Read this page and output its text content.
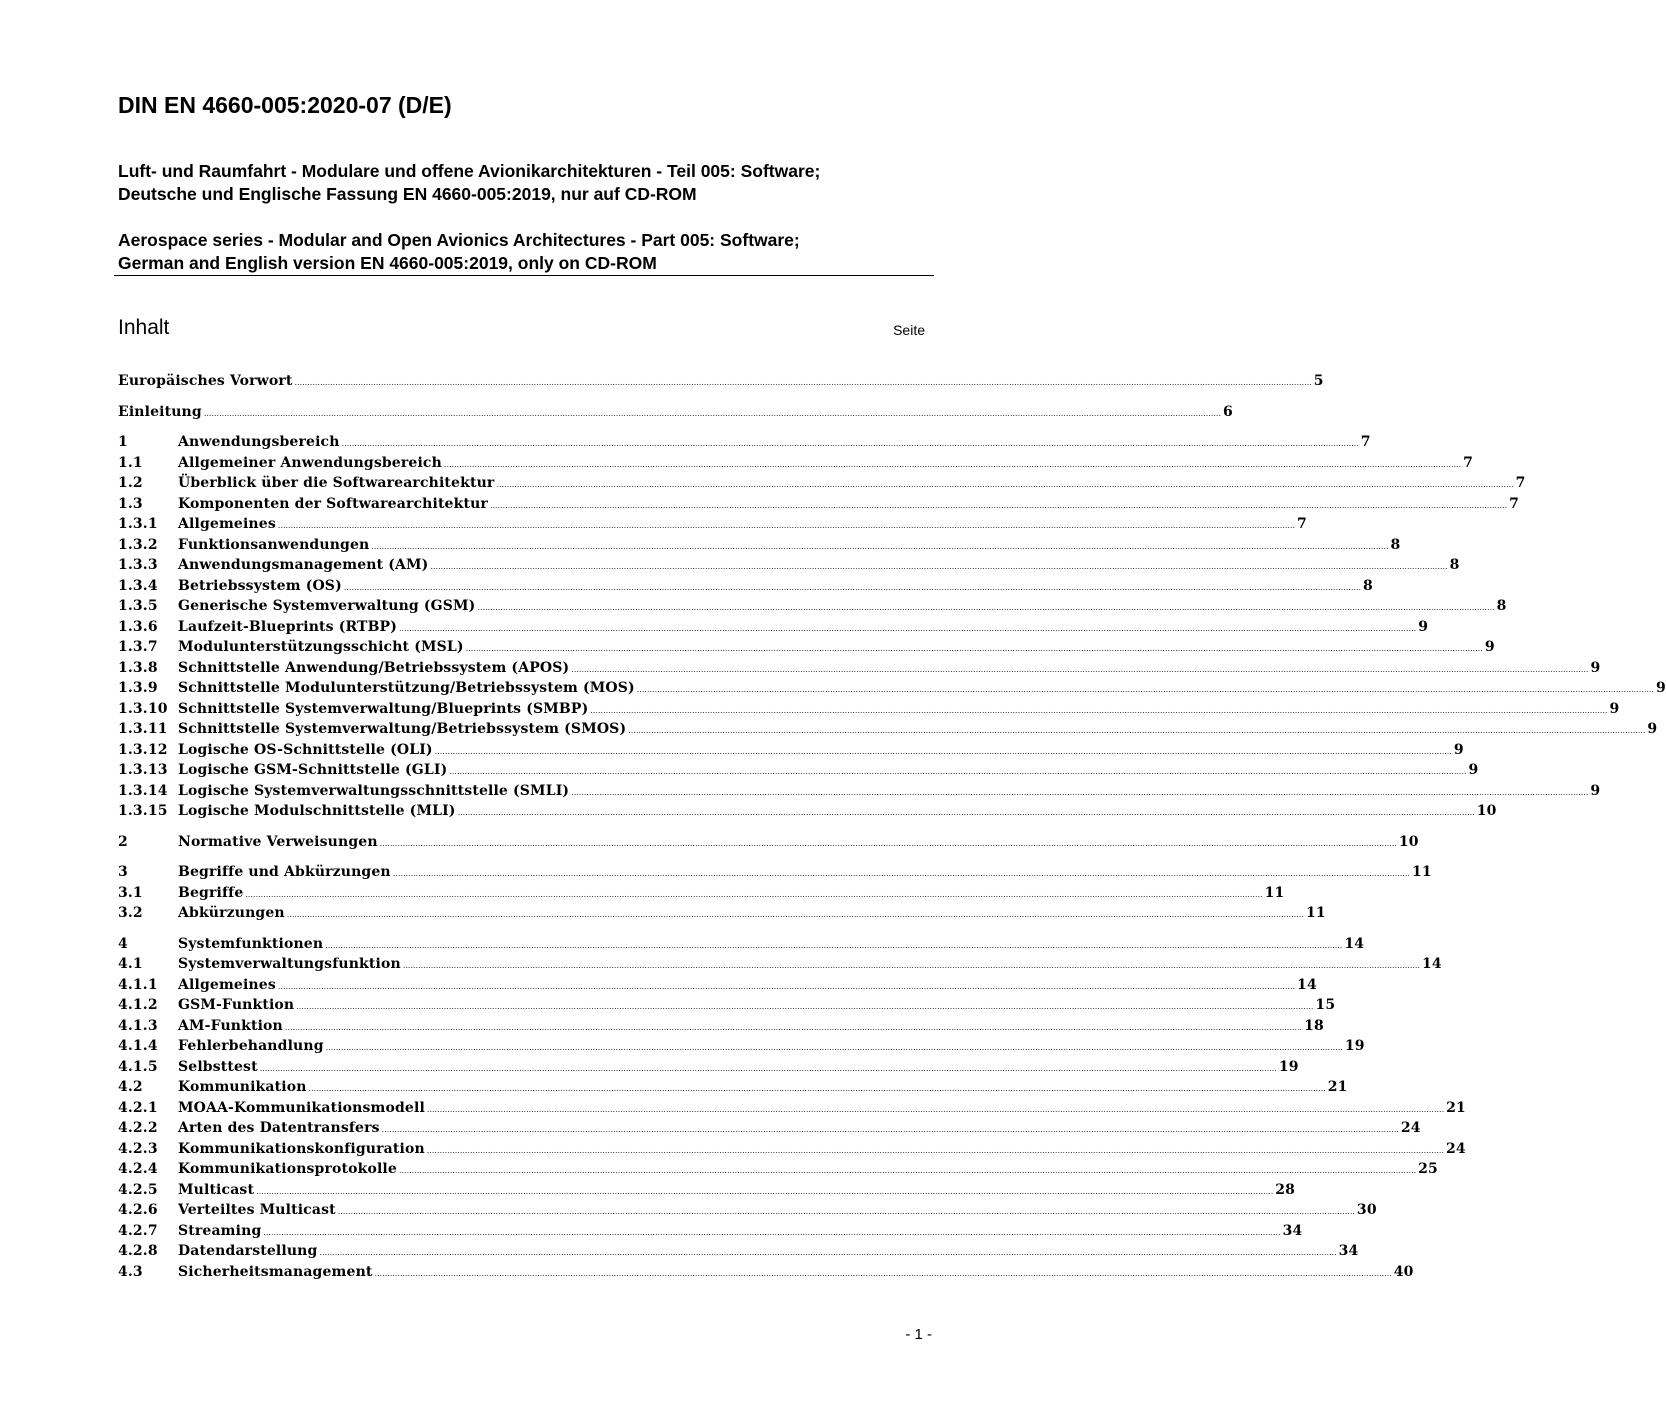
DIN EN 4660-005:2020-07 (D/E)
Luft- und Raumfahrt - Modulare und offene Avionikarchitekturen - Teil 005: Software;
Deutsche und Englische Fassung EN 4660-005:2019, nur auf CD-ROM
Aerospace series - Modular and Open Avionics Architectures - Part 005: Software;
German and English version EN 4660-005:2019, only on CD-ROM
Inhalt	Seite
Europäisches Vorwort ................................................................................................................................................................................................................................................................................................................................................................................................................ 5
Einleitung ................................................................................................................................................................................................................................................................................................................................................................................................................ 6
1	Anwendungsbereich ................................................................................................................................................................................................................................................................................................................................................................................................................ 7
1.1	Allgemeiner Anwendungsbereich ................................................................................................................................................................................................................................................................................................................................................................................................................ 7
1.2	Überblick über die Softwarearchitektur ................................................................................................................................................................................................................................................................................................................................................................................................................ 7
1.3	Komponenten der Softwarearchitektur ................................................................................................................................................................................................................................................................................................................................................................................................................ 7
1.3.1	Allgemeines ................................................................................................................................................................................................................................................................................................................................................................................................................ 7
1.3.2	Funktionsanwendungen ................................................................................................................................................................................................................................................................................................................................................................................................................ 8
1.3.3	Anwendungsmanagement (AM) ................................................................................................................................................................................................................................................................................................................................................................................................................ 8
1.3.4	Betriebssystem (OS) ................................................................................................................................................................................................................................................................................................................................................................................................................ 8
1.3.5	Generische Systemverwaltung (GSM) ................................................................................................................................................................................................................................................................................................................................................................................................................ 8
1.3.6	Laufzeit-Blueprints (RTBP) ................................................................................................................................................................................................................................................................................................................................................................................................................ 9
1.3.7	Modulunterstützungsschicht (MSL) ................................................................................................................................................................................................................................................................................................................................................................................................................ 9
1.3.8	Schnittstelle Anwendung/Betriebssystem (APOS) ................................................................................................................................................................................................................................................................................................................................................................................................................ 9
1.3.9	Schnittstelle Modulunterstützung/Betriebssystem (MOS) ................................................................................................................................................................................................................................................................................................................................................................................................................ 9
1.3.10 Schnittstelle Systemverwaltung/Blueprints (SMBP) ................................................................................................................................................................................................................................................................................................................................................................................................................ 9
1.3.11 Schnittstelle Systemverwaltung/Betriebssystem (SMOS) ................................................................................................................................................................................................................................................................................................................................................................................................................ 9
1.3.12 Logische OS-Schnittstelle (OLI) ................................................................................................................................................................................................................................................................................................................................................................................................................ 9
1.3.13 Logische GSM-Schnittstelle (GLI) ................................................................................................................................................................................................................................................................................................................................................................................................................ 9
1.3.14 Logische Systemverwaltungsschnittstelle (SMLI) ................................................................................................................................................................................................................................................................................................................................................................................................................ 9
1.3.15 Logische Modulschnittstelle (MLI) ................................................................................................................................................................................................................................................................................................................................................................................................................ 10
2	Normative Verweisungen ................................................................................................................................................................................................................................................................................................................................................................................................................ 10
3	Begriffe und Abkürzungen ................................................................................................................................................................................................................................................................................................................................................................................................................ 11
3.1	Begriffe ................................................................................................................................................................................................................................................................................................................................................................................................................ 11
3.2	Abkürzungen ................................................................................................................................................................................................................................................................................................................................................................................................................ 11
4	Systemfunktionen ................................................................................................................................................................................................................................................................................................................................................................................................................ 14
4.1	Systemverwaltungsfunktion ................................................................................................................................................................................................................................................................................................................................................................................................................ 14
4.1.1	Allgemeines ................................................................................................................................................................................................................................................................................................................................................................................................................ 14
4.1.2	GSM-Funktion ................................................................................................................................................................................................................................................................................................................................................................................................................ 15
4.1.3	AM-Funktion ................................................................................................................................................................................................................................................................................................................................................................................................................ 18
4.1.4	Fehlerbehandlung ................................................................................................................................................................................................................................................................................................................................................................................................................ 19
4.1.5	Selbsttest ................................................................................................................................................................................................................................................................................................................................................................................................................ 19
4.2	Kommunikation ................................................................................................................................................................................................................................................................................................................................................................................................................ 21
4.2.1	MOAA-Kommunikationsmodell ................................................................................................................................................................................................................................................................................................................................................................................................................ 21
4.2.2	Arten des Datentransfers ................................................................................................................................................................................................................................................................................................................................................................................................................ 24
4.2.3	Kommunikationskonfiguration ................................................................................................................................................................................................................................................................................................................................................................................................................ 24
4.2.4	Kommunikationsprotokolle ................................................................................................................................................................................................................................................................................................................................................................................................................ 25
4.2.5	Multicast ................................................................................................................................................................................................................................................................................................................................................................................................................ 28
4.2.6	Verteiltes Multicast ................................................................................................................................................................................................................................................................................................................................................................................................................ 30
4.2.7	Streaming ................................................................................................................................................................................................................................................................................................................................................................................................................ 34
4.2.8	Datendarstellung ................................................................................................................................................................................................................................................................................................................................................................................................................ 34
4.3	Sicherheitsmanagement ................................................................................................................................................................................................................................................................................................................................................................................................................ 40
- 1 -
